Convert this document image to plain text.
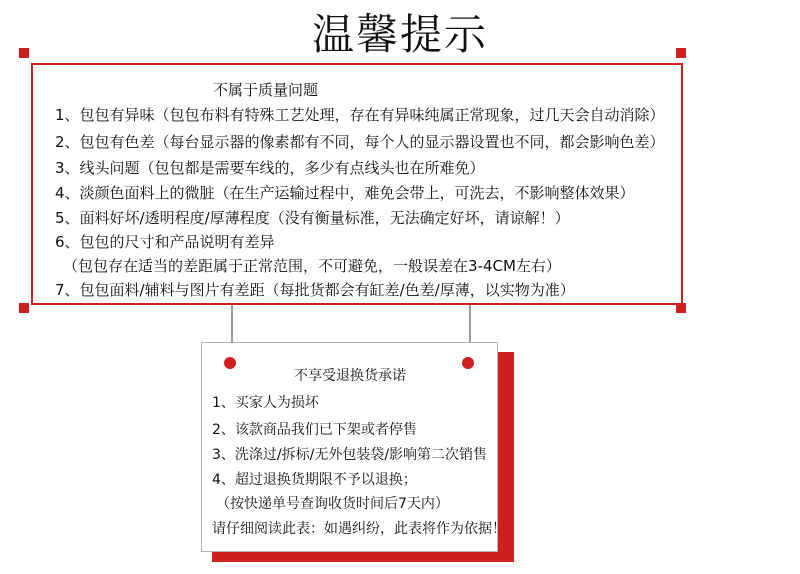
温馨提示
不属于质量问题
1、包包有异味（包包布料有特殊工艺处理，存在有异味纯属正常现象，过几天会自动消除）
2、包包有色差（每台显示器的像素都有不同，每个人的显示器设置也不同，都会影响色差）
3、线头问题（包包都是需要车线的，多少有点线头也在所难免）
4、淡颜色面料上的微脏（在生产运输过程中，难免会带上，可洗去，不影响整体效果）
5、面料好坏/透明程度/厚薄程度（没有衡量标准，无法确定好坏，请谅解！）
6、包包的尺寸和产品说明有差异
（包包存在适当的差距属于正常范围，不可避免，一般误差在3-4CM左右）
7、包包面料/辅料与图片有差距（每批货都会有缸差/色差/厚薄，以实物为准）
不享受退换货承诺
1、买家人为损坏
2、该款商品我们已下架或者停售
3、洗涤过/拆标/无外包装袋/影响第二次销售
4、超过退换货期限不予以退换；
（按快递单号查询收货时间后7天内）
请仔细阅读此表：如遇纠纷，此表将作为依据！
